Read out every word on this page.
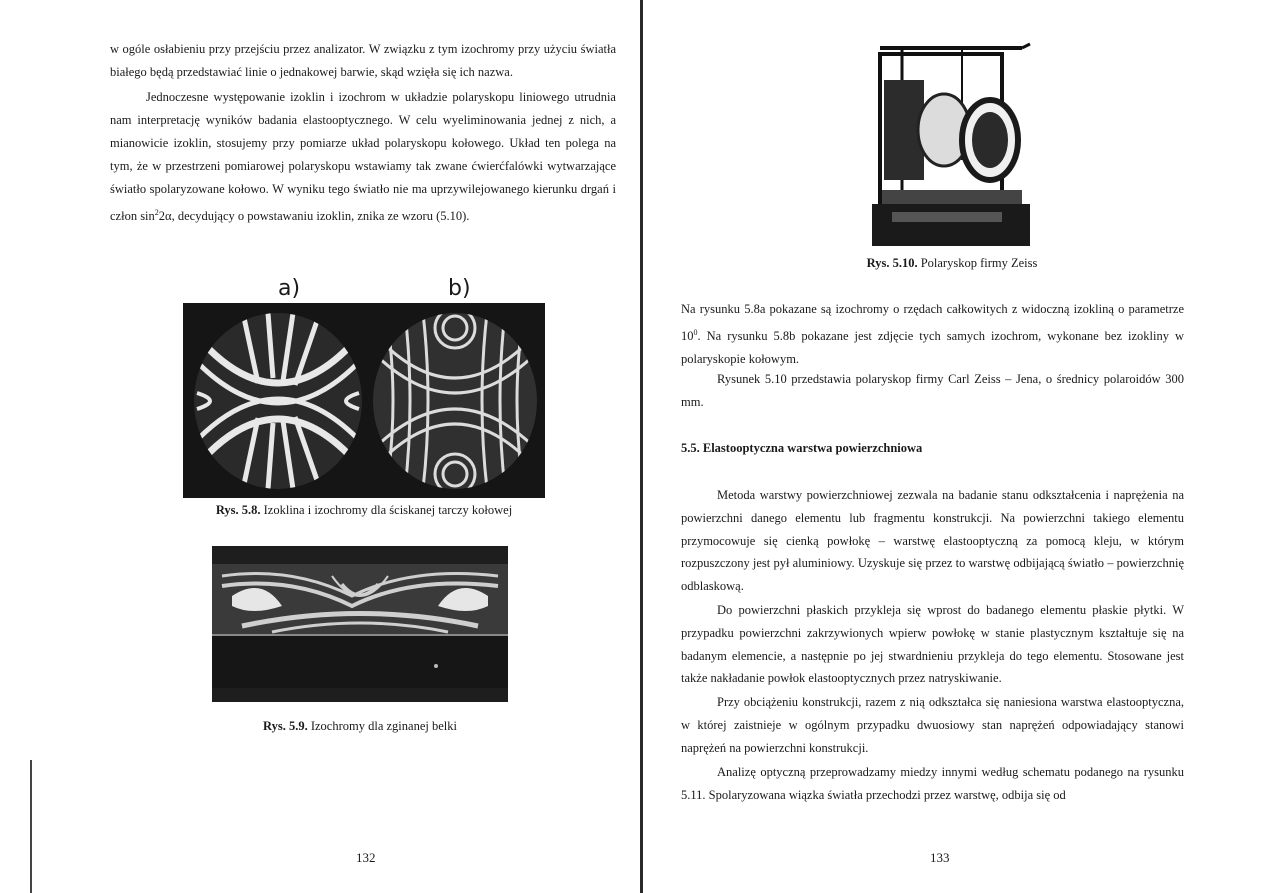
w ogóle osłabieniu przy przejściu przez analizator. W związku z tym izochromy przy użyciu światła białego będą przedstawiać linie o jednakowej barwie, skąd wzięła się ich nazwa.

Jednoczesne występowanie izoklin i izochrom w układzie polaryskopu liniowego utrudnia nam interpretację wyników badania elastooptycznego. W celu wyeliminowania jednej z nich, a mianowicie izoklin, stosujemy przy pomiarze układ polaryskopu kołowego. Układ ten polega na tym, że w przestrzeni pomiarowej polaryskopu wstawiamy tak zwane ćwierćfalówki wytwarzające światło spolaryzowane kołowo. W wyniku tego światło nie ma uprzywilejowanego kierunku drgań i człon $\sin^22\alpha$, decydujący o powstawaniu izoklin, znika ze wzoru (5.10).

a)	b)

Rys. 5.8. Izoklina i izochromy dla ściskanej tarczy kołowej

Rys. 5.9. Izochromy dla zginanej belki

132

Rys. 5.10. Polaryskop firmy Zeiss

Na rysunku 5.8a pokazane są izochromy o rzędach całkowitych z widoczną izokliną o parametrze $10^0$. Na rysunku 5.8b pokazane jest zdjęcie tych samych izochrom, wykonane bez izokliny w polaryskopie kołowym.

Rysunek 5.10 przedstawia polaryskop firmy Carl Zeiss – Jena, o średnicy polaroidów 300 mm.

5.5. Elastooptyczna warstwa powierzchniowa

Metoda warstwy powierzchniowej zezwala na badanie stanu odkształcenia i naprężenia na powierzchni danego elementu lub fragmentu konstrukcji. Na powierzchni takiego elementu przymocowuje się cienką powłokę – warstwę elastooptyczną za pomocą kleju, w którym rozpuszczony jest pył aluminiowy. Uzyskuje się przez to warstwę odbijającą światło – powierzchnię odblaskową.

Do powierzchni płaskich przykleja się wprost do badanego elementu płaskie płytki. W przypadku powierzchni zakrzywionych wpierw powłokę w stanie plastycznym kształtuje się na badanym elemencie, a następnie po jej stwardnieniu przykleja do tego elementu. Stosowane jest także nakładanie powłok elastooptycznych przez natryskiwanie.

Przy obciążeniu konstrukcji, razem z nią odkształca się naniesiona warstwa elastooptyczna, w której zaistnieje w ogólnym przypadku dwuosiowy stan naprężeń odpowiadający stanowi naprężeń na powierzchni konstrukcji.

Analizę optyczną przeprowadzamy miedzy innymi według schematu podanego na rysunku 5.11. Spolaryzowana wiązka światła przechodzi przez warstwę, odbija się od

133
